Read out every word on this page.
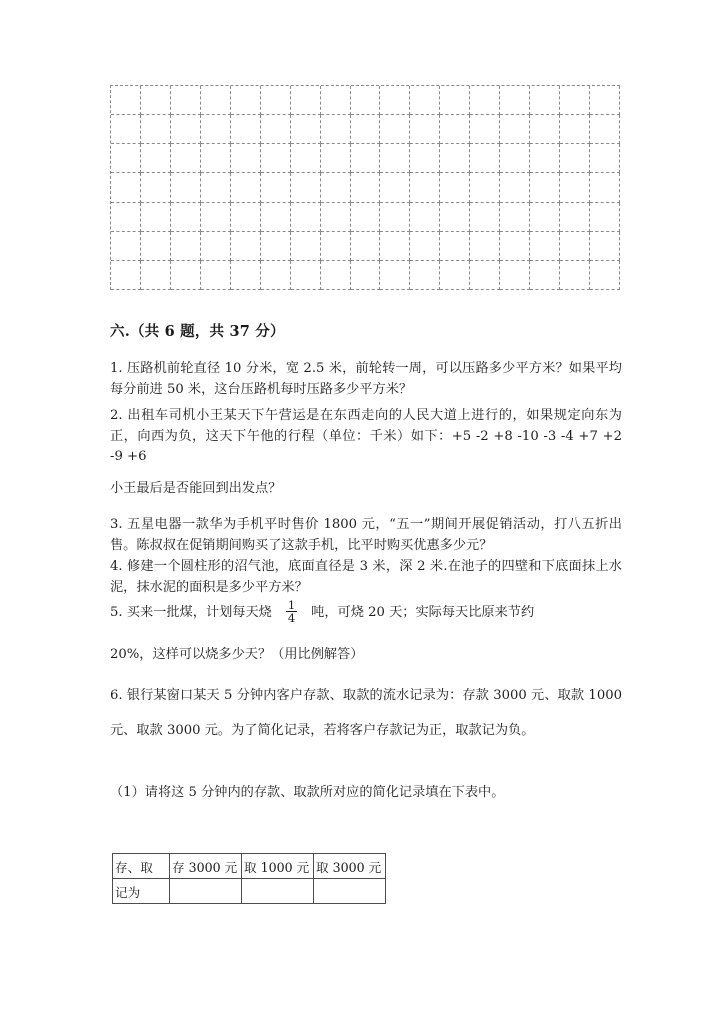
六.（共 6 题，共 37 分）
1. 压路机前轮直径 10 分米，宽 2.5 米，前轮转一周，可以压路多少平方米？如果平均每分前进 50 米，这台压路机每时压路多少平方米？
2. 出租车司机小王某天下午营运是在东西走向的人民大道上进行的，如果规定向东为正，向西为负，这天下午他的行程（单位：千米）如下：+5 -2 +8 -10 -3 -4 +7 +2 -9 +6
小王最后是否能回到出发点？
3. 五星电器一款华为手机平时售价 1800 元，“五一”期间开展促销活动，打八五折出售。陈叔叔在促销期间购买了这款手机，比平时购买优惠多少元？
4. 修建一个圆柱形的沼气池，底面直径是 3 米，深 2 米.在池子的四壁和下底面抹上水泥，抹水泥的面积是多少平方米？
5. 买来一批煤，计划每天烧 $\frac{1}{4}$ 吨，可烧 20 天；实际每天比原来节约
20%，这样可以烧多少天？（用比例解答）
6. 银行某窗口某天 5 分钟内客户存款、取款的流水记录为：存款 3000 元、取款 1000 元、取款 3000 元。为了简化记录，若将客户存款记为正，取款记为负。
（1）请将这 5 分钟内的存款、取款所对应的简化记录填在下表中。
存、取	存 3000 元	取 1000 元	取 3000 元
记为			
